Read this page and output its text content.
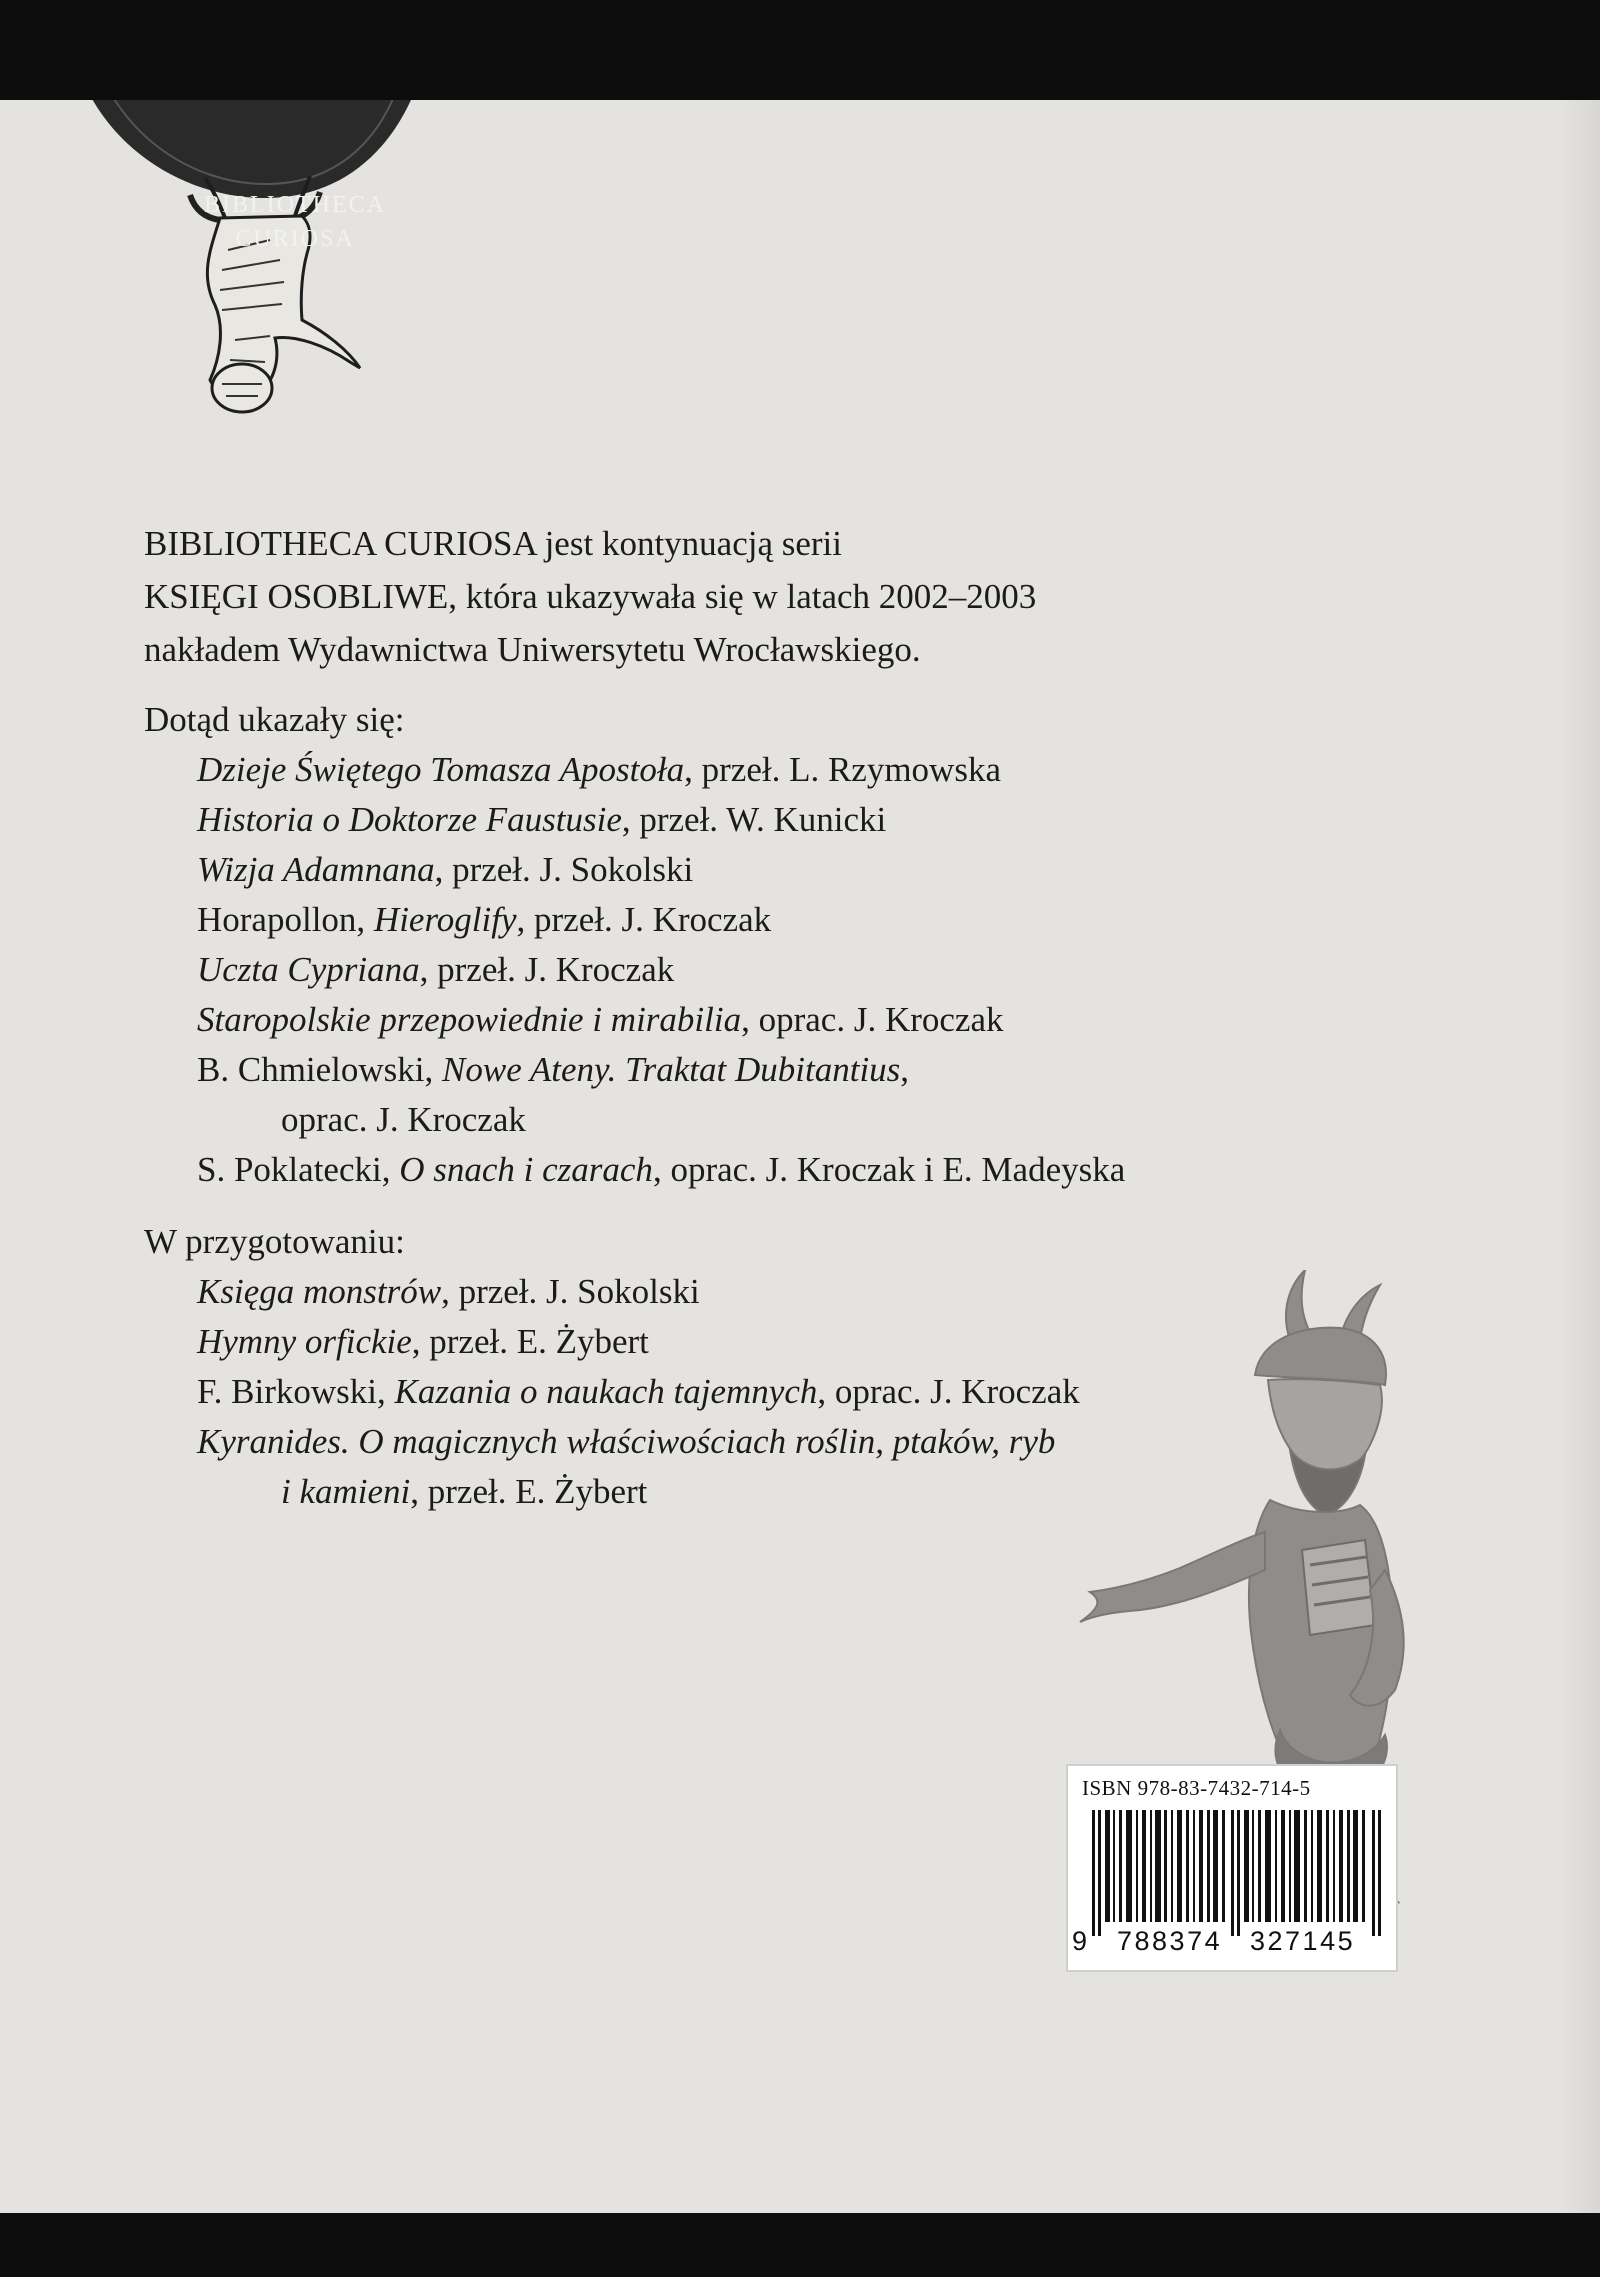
BIBLIOTHECA
CURIOSA
BIBLIOTHECA CURIOSA jest kontynuacją serii
KSIĘGI OSOBLIWE, która ukazywała się w latach 2002–2003
nakładem Wydawnictwa Uniwersytetu Wrocławskiego.
Dotąd ukazały się:
Dzieje Świętego Tomasza Apostoła, przeł. L. Rzymowska
Historia o Doktorze Faustusie, przeł. W. Kunicki
Wizja Adamnana, przeł. J. Sokolski
Horapollon, Hieroglify, przeł. J. Kroczak
Uczta Cypriana, przeł. J. Kroczak
Staropolskie przepowiednie i mirabilia, oprac. J. Kroczak
B. Chmielowski, Nowe Ateny. Traktat Dubitantius,
oprac. J. Kroczak
S. Poklatecki, O snach i czarach, oprac. J. Kroczak i E. Madeyska
W przygotowaniu:
Księga monstrów, przeł. J. Sokolski
Hymny orfickie, przeł. E. Żybert
F. Birkowski, Kazania o naukach tajemnych, oprac. J. Kroczak
Kyranides. O magicznych właściwościach roślin, ptaków, ryb
i kamieni, przeł. E. Żybert
ISBN 978-83-7432-714-5
9 788374 327145
